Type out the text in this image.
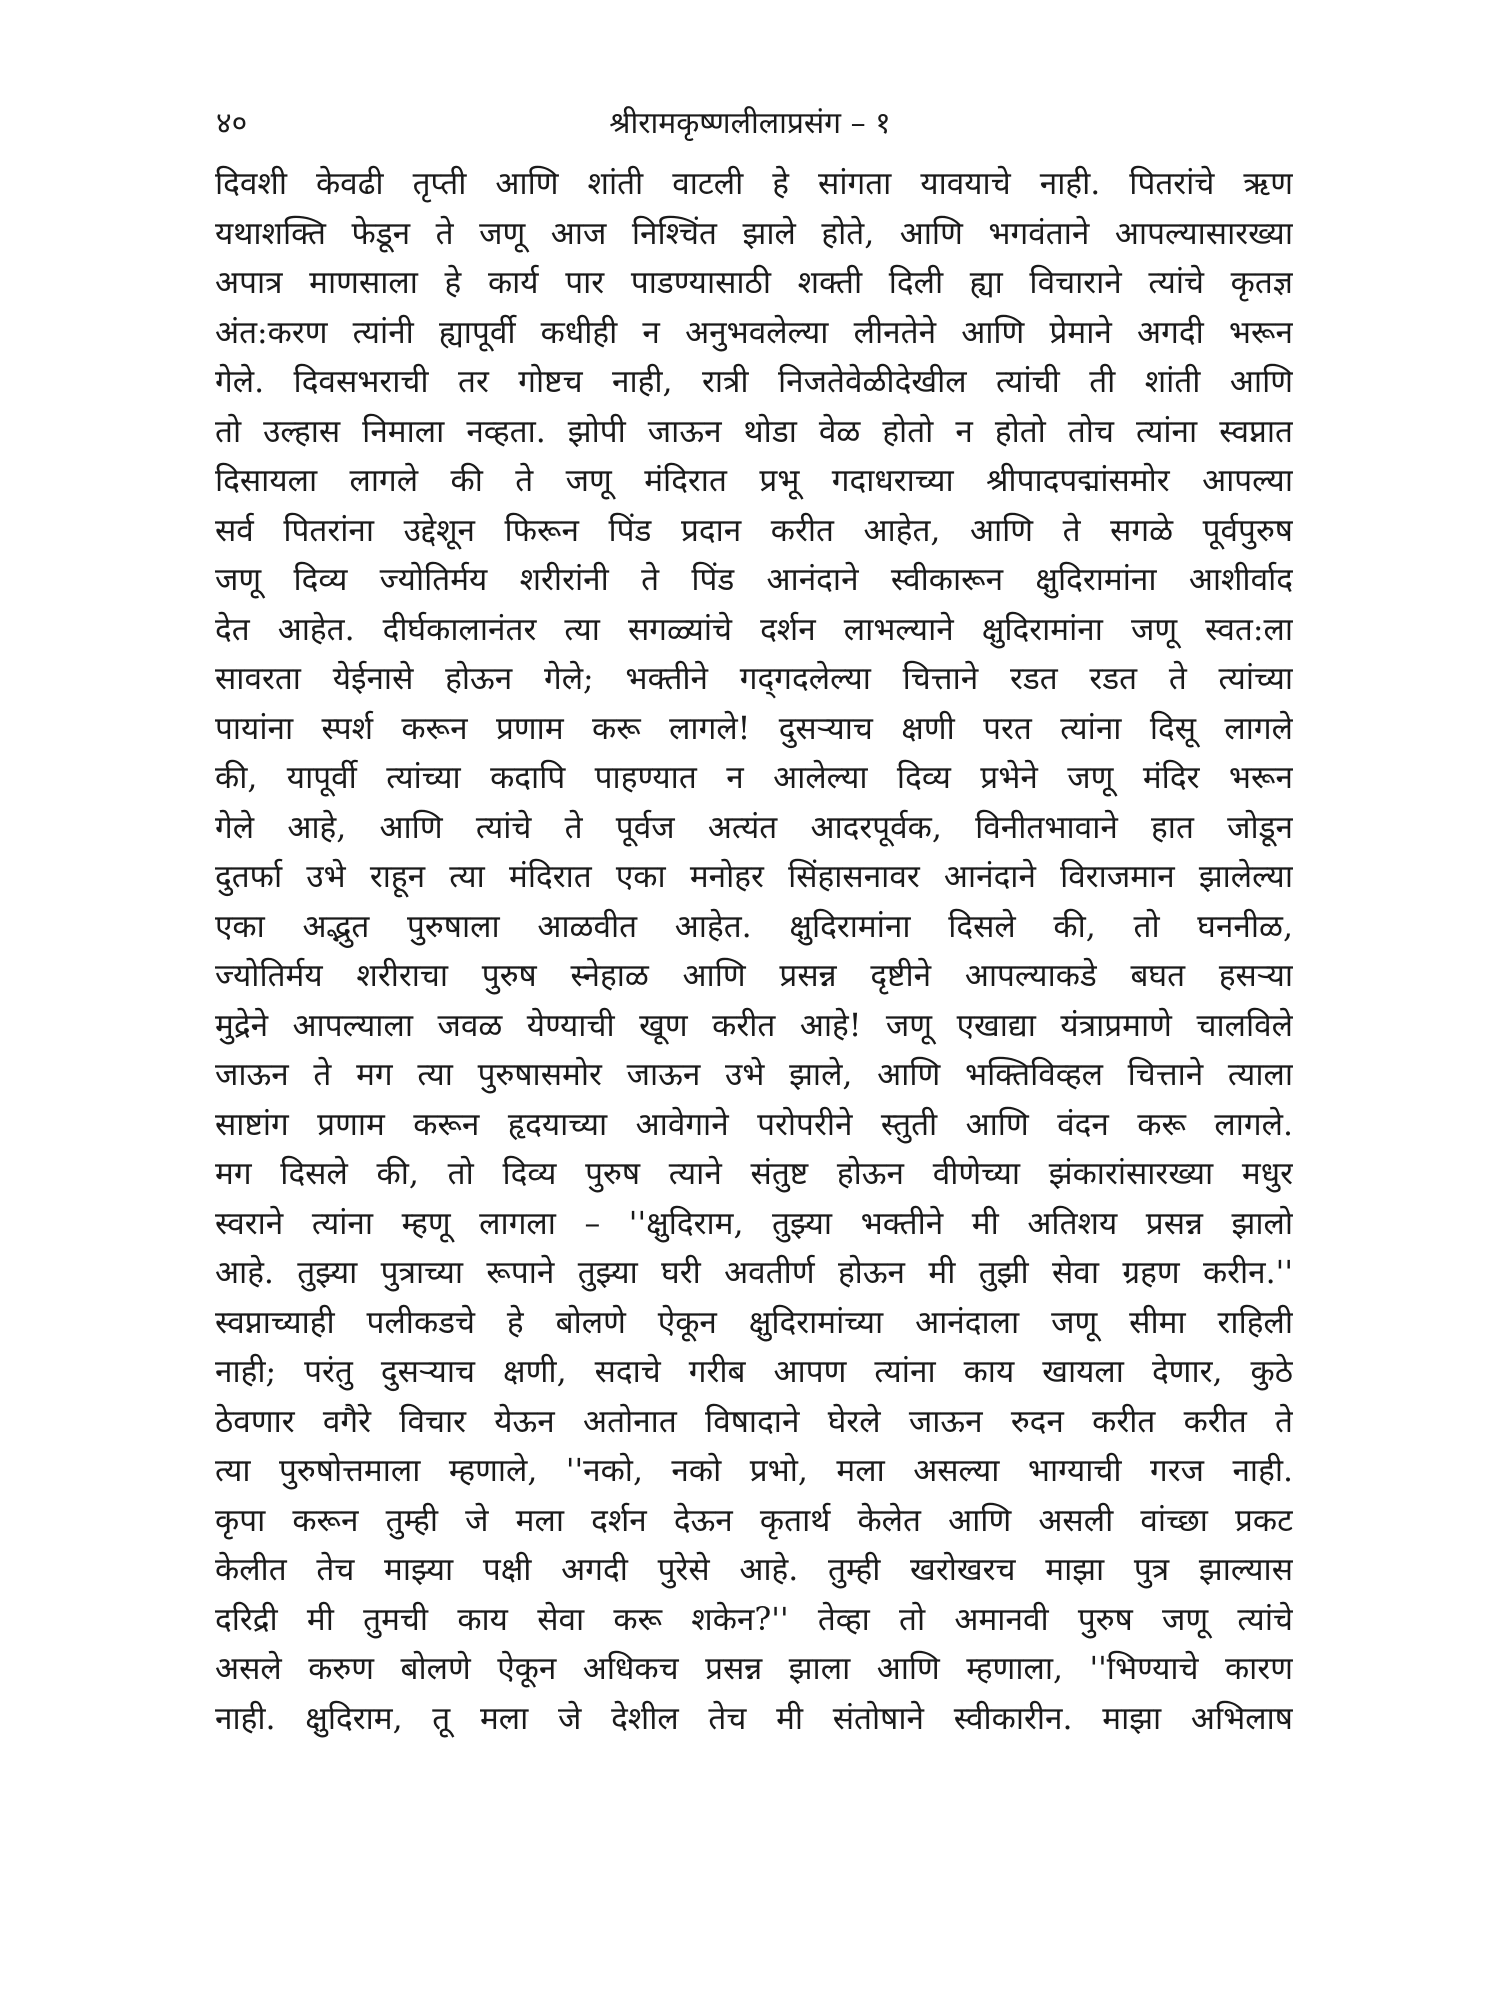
४०	श्रीरामकृष्णलीलाप्रसंग – १
दिवशी केवढी तृप्ती आणि शांती वाटली हे सांगता यावयाचे नाही. पितरांचे ऋण
यथाशक्ति फेडून ते जणू आज निश्चिंत झाले होते, आणि भगवंताने आपल्यासारख्या
अपात्र माणसाला हे कार्य पार पाडण्यासाठी शक्ती दिली ह्या विचाराने त्यांचे कृतज्ञ
अंत:करण त्यांनी ह्यापूर्वी कधीही न अनुभवलेल्या लीनतेने आणि प्रेमाने अगदी भरून
गेले. दिवसभराची तर गोष्टच नाही, रात्री निजतेवेळीदेखील त्यांची ती शांती आणि
तो उल्हास निमाला नव्हता. झोपी जाऊन थोडा वेळ होतो न होतो तोच त्यांना स्वप्नात
दिसायला लागले की ते जणू मंदिरात प्रभू गदाधराच्या श्रीपादपद्मांसमोर आपल्या
सर्व पितरांना उद्देशून फिरून पिंड प्रदान करीत आहेत, आणि ते सगळे पूर्वपुरुष
जणू दिव्य ज्योतिर्मय शरीरांनी ते पिंड आनंदाने स्वीकारून क्षुदिरामांना आशीर्वाद
देत आहेत. दीर्घकालानंतर त्या सगळ्यांचे दर्शन लाभल्याने क्षुदिरामांना जणू स्वत:ला
सावरता येईनासे होऊन गेले; भक्तीने गद्‌गदलेल्या चित्ताने रडत रडत ते त्यांच्या
पायांना स्पर्श करून प्रणाम करू लागले! दुसऱ्याच क्षणी परत त्यांना दिसू लागले
की, यापूर्वी त्यांच्या कदापि पाहण्यात न आलेल्या दिव्य प्रभेने जणू मंदिर भरून
गेले आहे, आणि त्यांचे ते पूर्वज अत्यंत आदरपूर्वक, विनीतभावाने हात जोडून
दुतर्फा उभे राहून त्या मंदिरात एका मनोहर सिंहासनावर आनंदाने विराजमान झालेल्या
एका अद्भुत पुरुषाला आळवीत आहेत. क्षुदिरामांना दिसले की, तो घननीळ,
ज्योतिर्मय शरीराचा पुरुष स्नेहाळ आणि प्रसन्न दृष्टीने आपल्याकडे बघत हसऱ्या
मुद्रेने आपल्याला जवळ येण्याची खूण करीत आहे! जणू एखाद्या यंत्राप्रमाणे चालविले
जाऊन ते मग त्या पुरुषासमोर जाऊन उभे झाले, आणि भक्तिविव्हल चित्ताने त्याला
साष्टांग प्रणाम करून हृदयाच्या आवेगाने परोपरीने स्तुती आणि वंदन करू लागले.
मग दिसले की, तो दिव्य पुरुष त्याने संतुष्ट होऊन वीणेच्या झंकारांसारख्या मधुर
स्वराने त्यांना म्हणू लागला – ''क्षुदिराम, तुझ्या भक्तीने मी अतिशय प्रसन्न झालो
आहे. तुझ्या पुत्राच्या रूपाने तुझ्या घरी अवतीर्ण होऊन मी तुझी सेवा ग्रहण करीन.''
स्वप्नाच्याही पलीकडचे हे बोलणे ऐकून क्षुदिरामांच्या आनंदाला जणू सीमा राहिली
नाही; परंतु दुसऱ्याच क्षणी, सदाचे गरीब आपण त्यांना काय खायला देणार, कुठे
ठेवणार वगैरे विचार येऊन अतोनात विषादाने घेरले जाऊन रुदन करीत करीत ते
त्या पुरुषोत्तमाला म्हणाले, ''नको, नको प्रभो, मला असल्या भाग्याची गरज नाही.
कृपा करून तुम्ही जे मला दर्शन देऊन कृतार्थ केलेत आणि असली वांच्छा प्रकट
केलीत तेच माझ्या पक्षी अगदी पुरेसे आहे. तुम्ही खरोखरच माझा पुत्र झाल्यास
दरिद्री मी तुमची काय सेवा करू शकेन?'' तेव्हा तो अमानवी पुरुष जणू त्यांचे
असले करुण बोलणे ऐकून अधिकच प्रसन्न झाला आणि म्हणाला, ''भिण्याचे कारण
नाही. क्षुदिराम, तू मला जे देशील तेच मी संतोषाने स्वीकारीन. माझा अभिलाष
